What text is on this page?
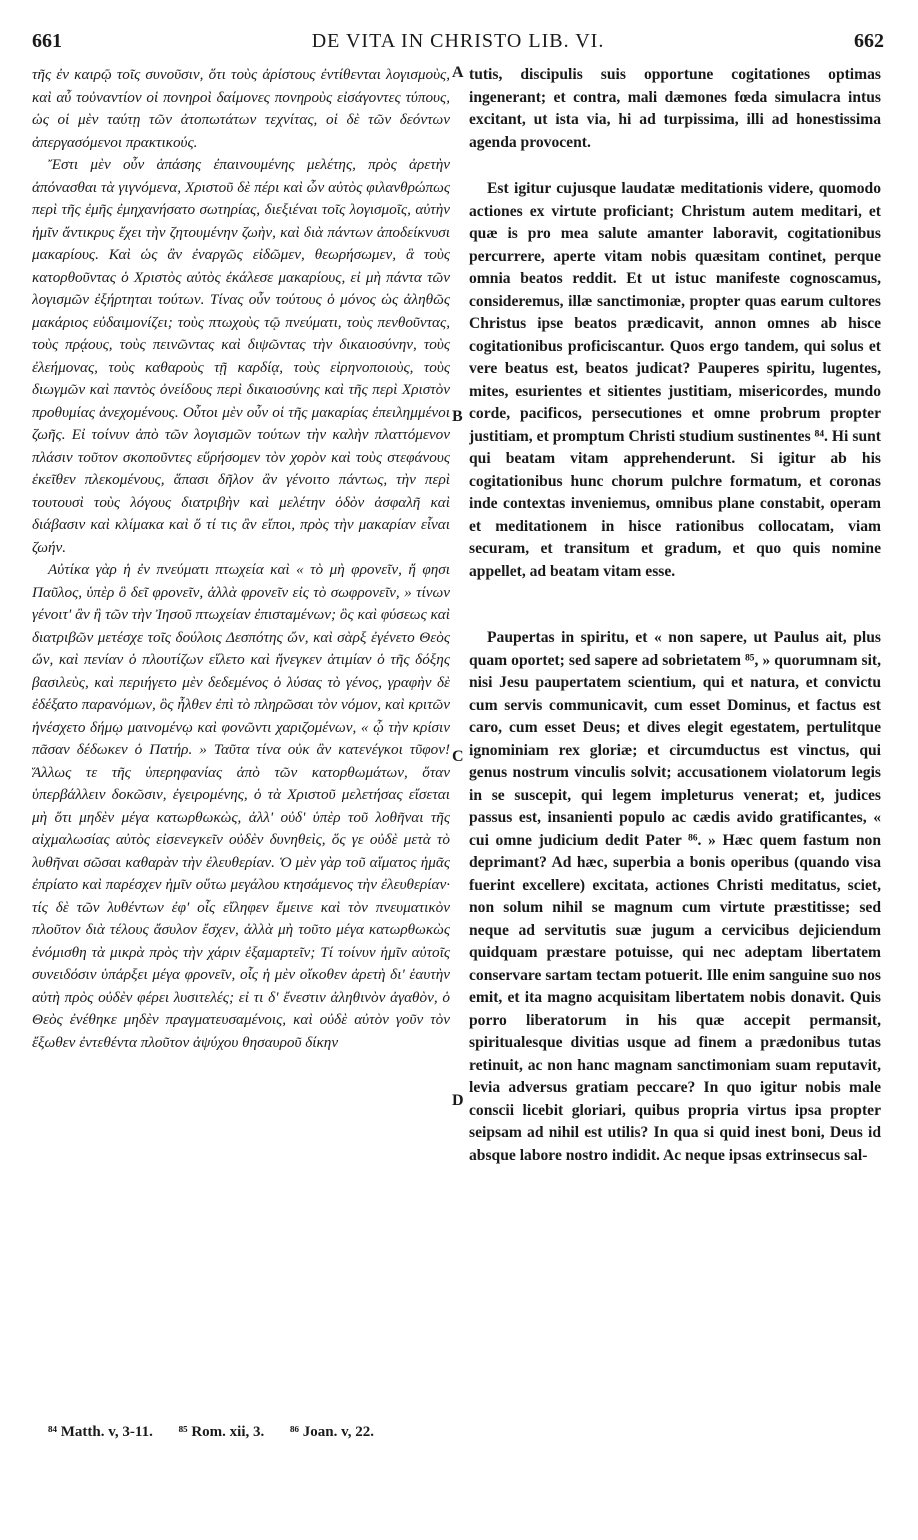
661	DE VITA IN CHRISTO LIB. VI.	662

τῆς ἐν καιρῷ τοῖς συνοῦσιν, ὅτι τοὺς ἀρίστους ἐντίθενται λογισμοὺς, καὶ αὖ τοὐναντίον οἱ πονηροὶ δαίμονες πονηροὺς εἰσάγοντες τύπους, ὡς οἱ μὲν ταύτῃ τῶν ἀτοπωτάτων τεχνίτας, οἱ δὲ τῶν δεόντων ἀπεργασόμενοι πρακτικούς.

Ἔστι μὲν οὖν ἁπάσης ἐπαινουμένης μελέτης, πρὸς ἀρετὴν ἀπόνασθαι τὰ γιγνόμενα, Χριστοῦ δὲ πέρι καὶ ὧν αὐτὸς φιλανθρώπως περὶ τῆς ἐμῆς ἐμηχανήσατο σωτηρίας, διεξιέναι τοῖς λογισμοῖς, αὐτὴν ἡμῖν ἄντικρυς ἔχει τὴν ζητουμένην ζωὴν, καὶ διὰ πάντων ἀποδείκνυσι μακαρίους. Καὶ ὡς ἂν ἐναργῶς εἰδῶμεν, θεωρήσωμεν, ἃ τοὺς κατορθοῦντας ὁ Χριστὸς αὐτὸς ἐκάλεσε μακαρίους, εἰ μὴ πάντα τῶν λογισμῶν ἐξήρτηται τούτων. Τίνας οὖν τούτους ὁ μόνος ὡς ἀληθῶς μακάριος εὐδαιμονίζει; τοὺς πτωχοὺς τῷ πνεύματι, τοὺς πενθοῦντας, τοὺς πρᾴους, τοὺς πεινῶντας καὶ διψῶντας τὴν δικαιοσύνην, τοὺς ἐλεήμονας, τοὺς καθαροὺς τῇ καρδίᾳ, τοὺς εἰρηνοποιοὺς, τοὺς διωγμῶν καὶ παντὸς ὀνείδους περὶ δικαιοσύνης καὶ τῆς περὶ Χριστὸν προθυμίας ἀνεχομένους. Οὗτοι μὲν οὖν οἱ τῆς μακαρίας ἐπειλημμένοι ζωῆς. Εἰ τοίνυν ἀπὸ τῶν λογισμῶν τούτων τὴν καλὴν πλαττόμενον πλάσιν τοῦτον σκοποῦντες εὕρήσομεν τὸν χορὸν καὶ τοὺς στεφάνους ἐκεῖθεν πλεκομένους, ἅπασι δῆλον ἂν γένοιτο πάντως, τὴν περὶ τουτουσὶ τοὺς λόγους διατριβὴν καὶ μελέτην ὁδὸν ἀσφαλῆ καὶ διάβασιν καὶ κλίμακα καὶ ὅ τί τις ἂν εἴποι, πρὸς τὴν μακαρίαν εἶναι ζωήν.

Αὐτίκα γὰρ ἡ ἐν πνεύματι πτωχεία καὶ « τὸ μὴ φρονεῖν, ἤ φησι Παῦλος, ὑπὲρ ὃ δεῖ φρονεῖν, ἀλλὰ φρονεῖν εἰς τὸ σωφρονεῖν, » τίνων γένοιτ' ἂν ἢ τῶν τὴν Ἰησοῦ πτωχείαν ἐπισταμένων; ὃς καὶ φύσεως καὶ διατριβῶν μετέσχε τοῖς δούλοις Δεσπότης ὤν, καὶ σὰρξ ἐγένετο Θεὸς ὤν, καὶ πενίαν ὁ πλουτίζων εἵλετο καὶ ἤνεγκεν ἀτιμίαν ὁ τῆς δόξης βασιλεὺς, καὶ περιήγετο μὲν δεδεμένος ὁ λύσας τὸ γένος, γραφὴν δὲ ἐδέξατο παρανόμων, ὃς ἦλθεν ἐπὶ τὸ πληρῶσαι τὸν νόμον, καὶ κριτῶν ἠνέσχετο δήμῳ μαινομένῳ καὶ φονῶντι χαριζομένων, « ᾧ τὴν κρίσιν πᾶσαν δέδωκεν ὁ Πατήρ. » Ταῦτα τίνα οὐκ ἂν κατενέγκοι τῦφον! Ἄλλως τε τῆς ὑπερηφανίας ἀπὸ τῶν κατορθωμάτων, ὅταν ὑπερβάλλειν δοκῶσιν, ἐγειρομένης, ὁ τὰ Χριστοῦ μελετήσας εἴσεται μὴ ὅτι μηδὲν μέγα κατωρθωκὼς, ἀλλ' οὐδ' ὑπὲρ τοῦ λοθῆναι τῆς αἰχμαλωσίας αὐτὸς εἰσενεγκεῖν οὐδὲν δυνηθεὶς, ὅς γε οὐδὲ μετὰ τὸ λυθῆναι σῶσαι καθαρὰν τὴν ἐλευθερίαν. Ὁ μὲν γὰρ τοῦ αἵματος ἡμᾶς ἐπρίατο καὶ παρέσχεν ἡμῖν οὕτω μεγάλου κτησάμενος τὴν ἐλευθερίαν· τίς δὲ τῶν λυθέντων ἐφ' οἷς εἴληφεν ἔμεινε καὶ τὸν πνευματικὸν πλοῦτον διὰ τέλους ἄσυλον ἔσχεν, ἀλλὰ μὴ τοῦτο μέγα κατωρθωκὼς ἐνόμισθη τὰ μικρὰ πρὸς τὴν χάριν ἐξαμαρτεῖν; Τί τοίνυν ἡμῖν αὐτοῖς συνειδόσιν ὑπάρξει μέγα φρονεῖν, οἷς ἡ μὲν οἴκοθεν ἀρετὴ δι' ἑαυτὴν αὐτὴ πρὸς οὐδὲν φέρει λυσιτελές; εἰ τι δ' ἔνεστιν ἀληθινὸν ἀγαθὸν, ὁ Θεὸς ἐνέθηκε μηδὲν πραγματευσαμένοις, καὶ οὐδὲ αὐτὸν γοῦν τὸν ἔξωθεν ἐντεθέντα πλοῦτον ἀψύχου θησαυροῦ δίκην

A
B
C
D

tutis, discipulis suis opportune cogitationes optimas ingenerant; et contra, mali dæmones fœda simulacra intus excitant, ut ista via, hi ad turpissima, illi ad honestissima agenda provocent.

Est igitur cujusque laudatæ meditationis videre, quomodo actiones ex virtute proficiant; Christum autem meditari, et quæ is pro mea salute amanter laboravit, cogitationibus percurrere, aperte vitam nobis quæsitam continet, perque omnia beatos reddit. Et ut istuc manifeste cognoscamus, consideremus, illæ sanctimoniæ, propter quas earum cultores Christus ipse beatos prædicavit, annon omnes ab hisce cogitationibus proficiscantur. Quos ergo tandem, qui solus et vere beatus est, beatos judicat? Pauperes spiritu, lugentes, mites, esurientes et sitientes justitiam, misericordes, mundo corde, pacificos, persecutiones et omne probrum propter justitiam, et promptum Christi studium sustinentes ⁸⁴. Hi sunt qui beatam vitam apprehenderunt. Si igitur ab his cogitationibus hunc chorum pulchre formatum, et coronas inde contextas inveniemus, omnibus plane constabit, operam et meditationem in hisce rationibus collocatam, viam securam, et transitum et gradum, et quo quis nomine appellet, ad beatam vitam esse.

Paupertas in spiritu, et « non sapere, ut Paulus ait, plus quam oportet; sed sapere ad sobrietatem ⁸⁵, » quorumnam sit, nisi Jesu paupertatem scientium, qui et natura, et convictu cum servis communicavit, cum esset Dominus, et factus est caro, cum esset Deus; et dives elegit egestatem, pertulitque ignominiam rex gloriæ; et circumductus est vinctus, qui genus nostrum vinculis solvit; accusationem violatorum legis in se suscepit, qui legem impleturus venerat; et, judices passus est, insanienti populo ac cædis avido gratificantes, « cui omne judicium dedit Pater ⁸⁶. » Hæc quem fastum non deprimant? Ad hæc, superbia a bonis operibus (quando visa fuerint excellere) excitata, actiones Christi meditatus, sciet, non solum nihil se magnum cum virtute præstitisse; sed neque ad servitutis suæ jugum a cervicibus dejiciendum quidquam præstare potuisse, qui nec adeptam libertatem conservare sartam tectam potuerit. Ille enim sanguine suo nos emit, et ita magno acquisitam libertatem nobis donavit. Quis porro liberatorum in his quæ accepit permansit, spiritualesque divitias usque ad finem a prædonibus tutas retinuit, ac non hanc magnam sanctimoniam suam reputavit, levia adversus gratiam peccare? In quo igitur nobis male conscii licebit gloriari, quibus propria virtus ipsa propter seipsam ad nihil est utilis? In qua si quid inest boni, Deus id absque labore nostro indidit. Ac neque ipsas extrinsecus sal-

⁸⁴ Matth. v, 3-11. ⁸⁵ Rom. xii, 3. ⁸⁶ Joan. v, 22.
